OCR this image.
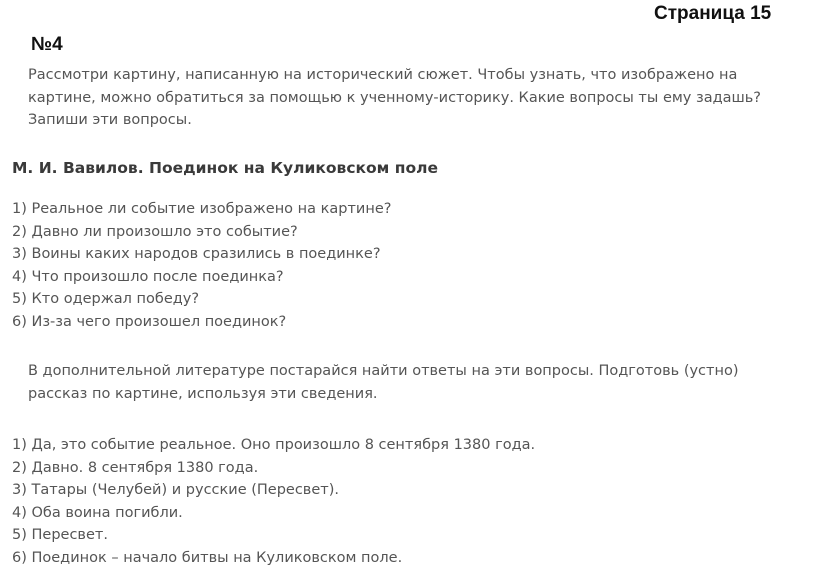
Страница 15
№4

Рассмотри картину, написанную на исторический сюжет. Чтобы узнать, что изображено на картине, можно обратиться за помощью к ученному-историку. Какие вопросы ты ему задашь? Запиши эти вопросы.

М. И. Вавилов. Поединок на Куликовском поле
1) Реальное ли событие изображено на картине?
2) Давно ли произошло это событие?
3) Воины каких народов сразились в поединке?
4) Что произошло после поединка?
5) Кто одержал победу?
6) Из-за чего произошел поединок?

В дополнительной литературе постарайся найти ответы на эти вопросы. Подготовь (устно) рассказ по картине, используя эти сведения.

1) Да, это событие реальное. Оно произошло 8 сентября 1380 года.
2) Давно. 8 сентября 1380 года.
3) Татары (Челубей) и русские (Пересвет).
4) Оба воина погибли.
5) Пересвет.
6) Поединок – начало битвы на Куликовском поле.
